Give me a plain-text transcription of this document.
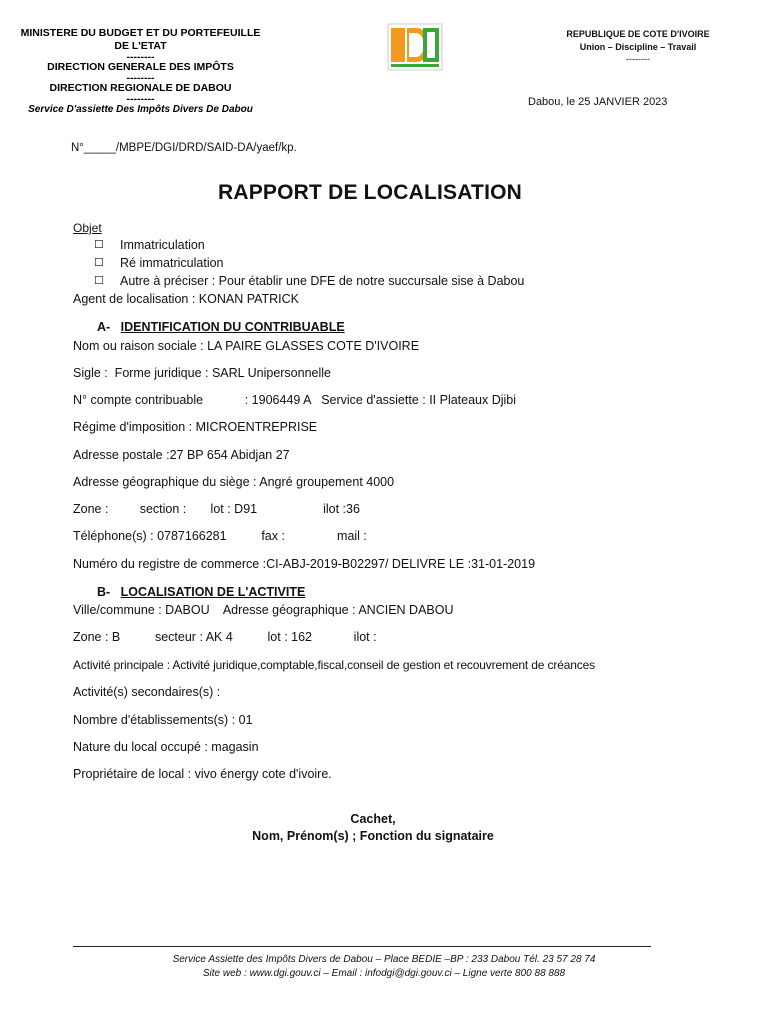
MINISTERE DU BUDGET ET DU PORTEFEUILLE
DE L'ETAT
--------
DIRECTION GENERALE DES IMPÔTS
--------
DIRECTION REGIONALE DE DABOU
--------
Service D'assiette Des Impôts Divers De Dabou
REPUBLIQUE DE COTE D'IVOIRE
Union – Discipline – Travail
--------
Dabou, le 25 JANVIER 2023
N°_____/MBPE/DGI/DRD/SAID-DA/yaef/kp.
RAPPORT DE LOCALISATION
Objet
☐ Immatriculation
☐ Ré immatriculation
☐ Autre à préciser : Pour établir une DFE de notre succursale sise à Dabou
Agent de localisation : KONAN PATRICK
A- IDENTIFICATION DU CONTRIBUABLE
Nom ou raison sociale : LA PAIRE GLASSES COTE D'IVOIRE
Sigle :  Forme juridique : SARL Unipersonnelle
N° compte contribuable            : 1906449 A   Service d'assiette : II Plateaux Djibi
Régime d'imposition : MICROENTREPRISE
Adresse postale :27 BP 654 Abidjan 27
Adresse géographique du siège : Angré groupement 4000
Zone :         section :       lot : D91                   ilot :36
Téléphone(s) : 0787166281          fax :               mail :
Numéro du registre de commerce :CI-ABJ-2019-B02297/ DELIVRE LE :31-01-2019
B- LOCALISATION DE L'ACTIVITE
Ville/commune : DABOU    Adresse géographique : ANCIEN DABOU
Zone : B          secteur : AK 4          lot : 162            ilot :
Activité principale : Activité juridique,comptable,fiscal,conseil de gestion et recouvrement de créances
Activité(s) secondaires(s) :
Nombre d'établissements(s) : 01
Nature du local occupé : magasin
Propriétaire de local : vivo énergy cote d'ivoire.
Cachet,
Nom, Prénom(s) ; Fonction du signataire
Service Assiette des Impôts Divers de Dabou – Place BEDIE –BP : 233 Dabou Tél. 23 57 28 74
Site web : www.dgi.gouv.ci – Email : infodgi@dgi.gouv.ci – Ligne verte 800 88 888
